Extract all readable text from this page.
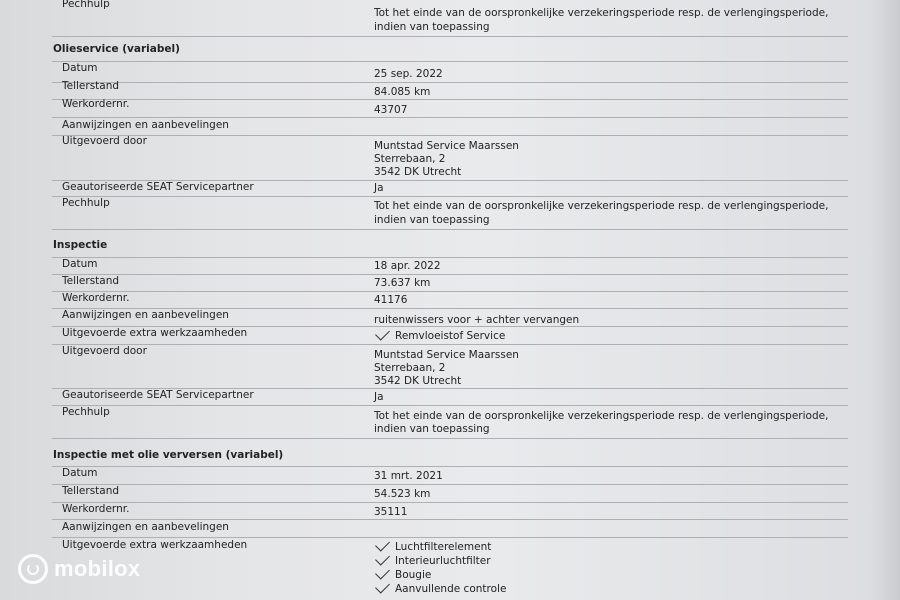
Pechhulp
Tot het einde van de oorspronkelijke verzekeringsperiode resp. de verlengingsperiode,
indien van toepassing
Olieservice (variabel)
Datum	25 sep. 2022
Tellerstand	84.085 km
Werkordernr.	43707
Aanwijzingen en aanbevelingen
Uitgevoerd door	Muntstad Service Maarssen
Sterrebaan, 2
3542 DK Utrecht
Geautoriseerde SEAT Servicepartner	Ja
Pechhulp	Tot het einde van de oorspronkelijke verzekeringsperiode resp. de verlengingsperiode,
indien van toepassing
Inspectie
Datum	18 apr. 2022
Tellerstand	73.637 km
Werkordernr.	41176
Aanwijzingen en aanbevelingen	ruitenwissers voor + achter vervangen
Uitgevoerde extra werkzaamheden	Remvloeistof Service
Uitgevoerd door	Muntstad Service Maarssen
Sterrebaan, 2
3542 DK Utrecht
Geautoriseerde SEAT Servicepartner	Ja
Pechhulp	Tot het einde van de oorspronkelijke verzekeringsperiode resp. de verlengingsperiode,
indien van toepassing
Inspectie met olie verversen (variabel)
Datum	31 mrt. 2021
Tellerstand	54.523 km
Werkordernr.	35111
Aanwijzingen en aanbevelingen
Uitgevoerde extra werkzaamheden	Luchtfilterelement
Interieurluchtfilter
Bougie
Aanvullende controle
mobilox
